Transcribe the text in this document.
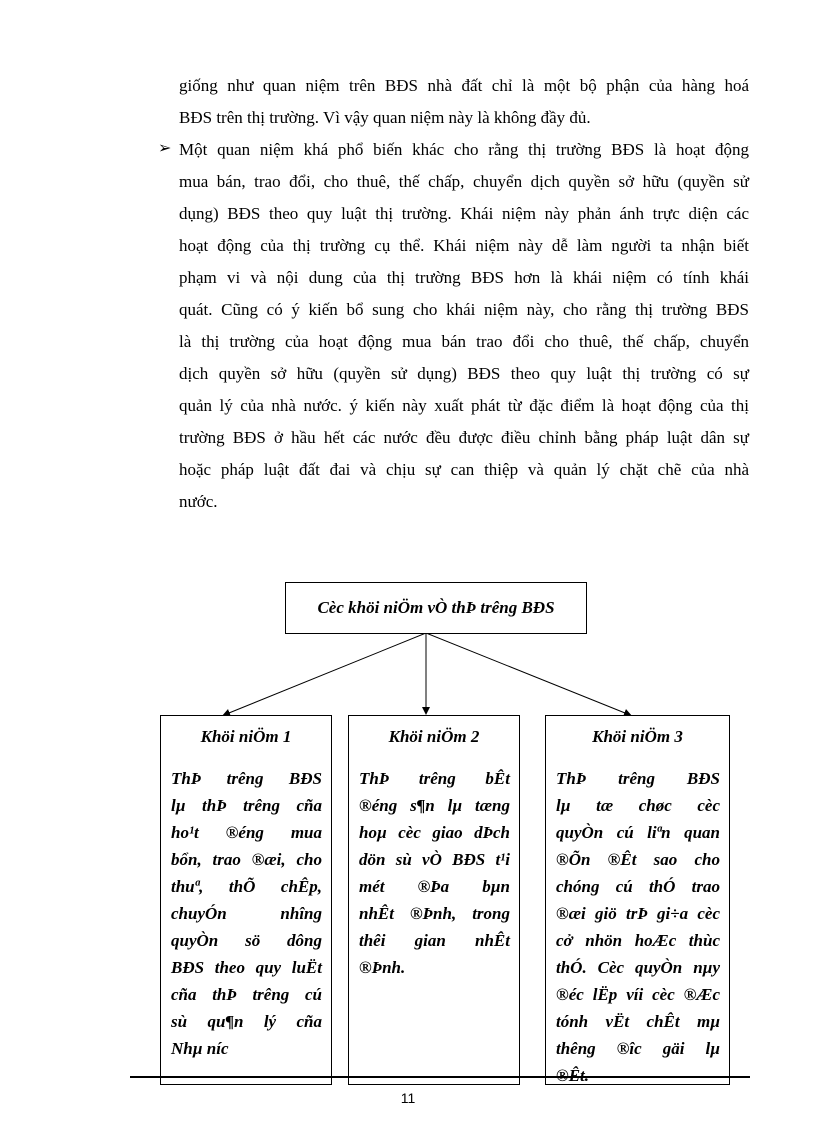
giống như quan niệm trên BĐS nhà đất chỉ là một bộ phận của hàng hoá
BĐS trên thị trường. Vì vậy quan niệm này là không đầy đủ.
➢ Một quan niệm khá phổ biến khác cho rằng thị trường BĐS là hoạt động
mua bán, trao đổi, cho thuê, thế chấp, chuyển dịch quyền sở hữu (quyền sử
dụng) BĐS theo quy luật thị trường. Khái niệm này phản ánh trực diện các
hoạt động của thị trường cụ thể. Khái niệm này dễ làm người ta nhận biết
phạm vi và nội dung của thị trường BĐS hơn là khái niệm có tính khái
quát. Cũng có ý kiến bổ sung cho khái niệm này, cho rằng thị trường BĐS
là thị trường của hoạt động mua bán trao đổi cho thuê, thế chấp, chuyển
dịch quyền sở hữu (quyền sử dụng) BĐS theo quy luật thị trường có sự
quản lý của nhà nước. ý kiến này xuất phát từ đặc điểm là hoạt động của thị
trường BĐS ở hầu hết các nước đều được điều chỉnh bằng pháp luật dân sự
hoặc pháp luật đất đai và chịu sự can thiệp và quản lý chặt chẽ của nhà
nước.
Cèc khöi niÖm vÒ thÞ trêng BĐS
Khöi niÖm 1
ThÞ trêng BĐS
lµ thÞ trêng cña
ho¹t ®éng mua
bổn, trao ®æi, cho
thuª, thÕ chÊp,
chuyÓn nhîng
quyÒn sö dông
BĐS theo quy luËt
cña thÞ trêng cú
sù qu¶n lý cña
Nhµ níc
Khöi niÖm 2
ThÞ trêng bÊt
®éng s¶n lµ tæng
hoµ cèc giao dÞch
dön sù vÒ BĐS t¹i
mét ®Þa bµn
nhÊt ®Þnh, trong
thêi gian nhÊt
®Þnh.
Khöi niÖm 3
ThÞ trêng BĐS
lµ tæ chøc cèc
quyÒn cú liªn quan
®Õn ®Êt sao cho
chóng cú thÓ trao
®æi giö trÞ gi÷a cèc
cở nhön hoÆc thùc
thÓ. Cèc quyÒn nµy
®éc lËp víi cèc ®Æc
tónh vËt chÊt mµ
thêng ®îc gäi lµ
®Êt.
11
